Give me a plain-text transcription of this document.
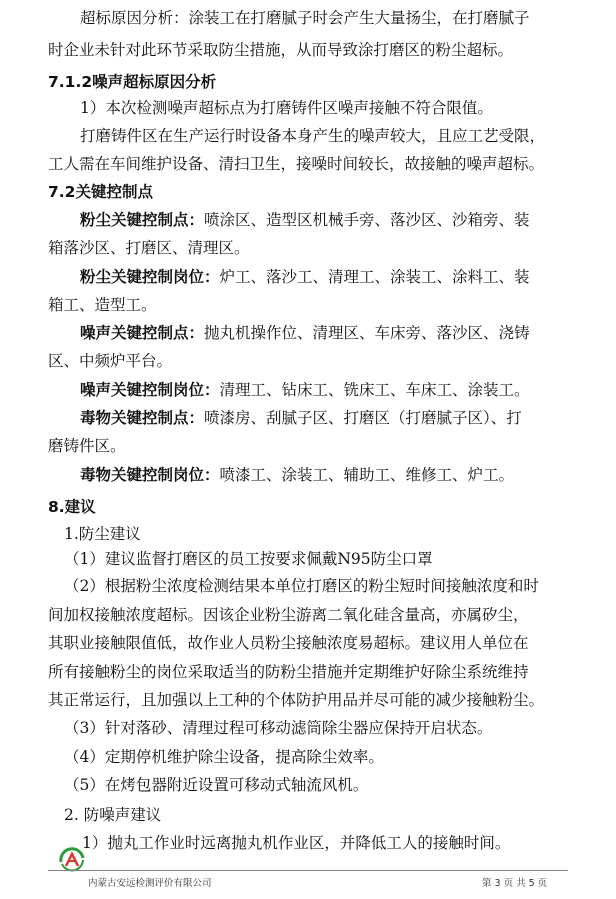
超标原因分析：涂装工在打磨腻子时会产生大量扬尘，在打磨腻子
时企业未针对此环节采取防尘措施，从而导致涂打磨区的粉尘超标。
7.1.2噪声超标原因分析
1）本次检测噪声超标点为打磨铸件区噪声接触不符合限值。
打磨铸件区在生产运行时设备本身产生的噪声较大，且应工艺受限，
工人需在车间维护设备、清扫卫生，接噪时间较长，故接触的噪声超标。
7.2关键控制点
粉尘关键控制点：喷涂区、造型区机械手旁、落沙区、沙箱旁、装
箱落沙区、打磨区、清理区。
粉尘关键控制岗位：炉工、落沙工、清理工、涂装工、涂料工、装
箱工、造型工。
噪声关键控制点：抛丸机操作位、清理区、车床旁、落沙区、浇铸
区、中频炉平台。
噪声关键控制岗位：清理工、钻床工、铣床工、车床工、涂装工。
毒物关键控制点：喷漆房、刮腻子区、打磨区（打磨腻子区）、打
磨铸件区。
毒物关键控制岗位：喷漆工、涂装工、辅助工、维修工、炉工。
8.建议
1.防尘建议
（1）建议监督打磨区的员工按要求佩戴N95防尘口罩
（2）根据粉尘浓度检测结果本单位打磨区的粉尘短时间接触浓度和时
间加权接触浓度超标。因该企业粉尘游离二氧化硅含量高，亦属矽尘，
其职业接触限值低，故作业人员粉尘接触浓度易超标。建议用人单位在
所有接触粉尘的岗位采取适当的防粉尘措施并定期维护好除尘系统维持
其正常运行，且加强以上工种的个体防护用品并尽可能的减少接触粉尘。
（3）针对落砂、清理过程可移动滤筒除尘器应保持开启状态。
（4）定期停机维护除尘设备，提高除尘效率。
（5）在烤包器附近设置可移动式轴流风机。
2. 防噪声建议
1）抛丸工作业时远离抛丸机作业区，并降低工人的接触时间。
内蒙古安远检测评价有限公司	第 3 页 共 5 页
